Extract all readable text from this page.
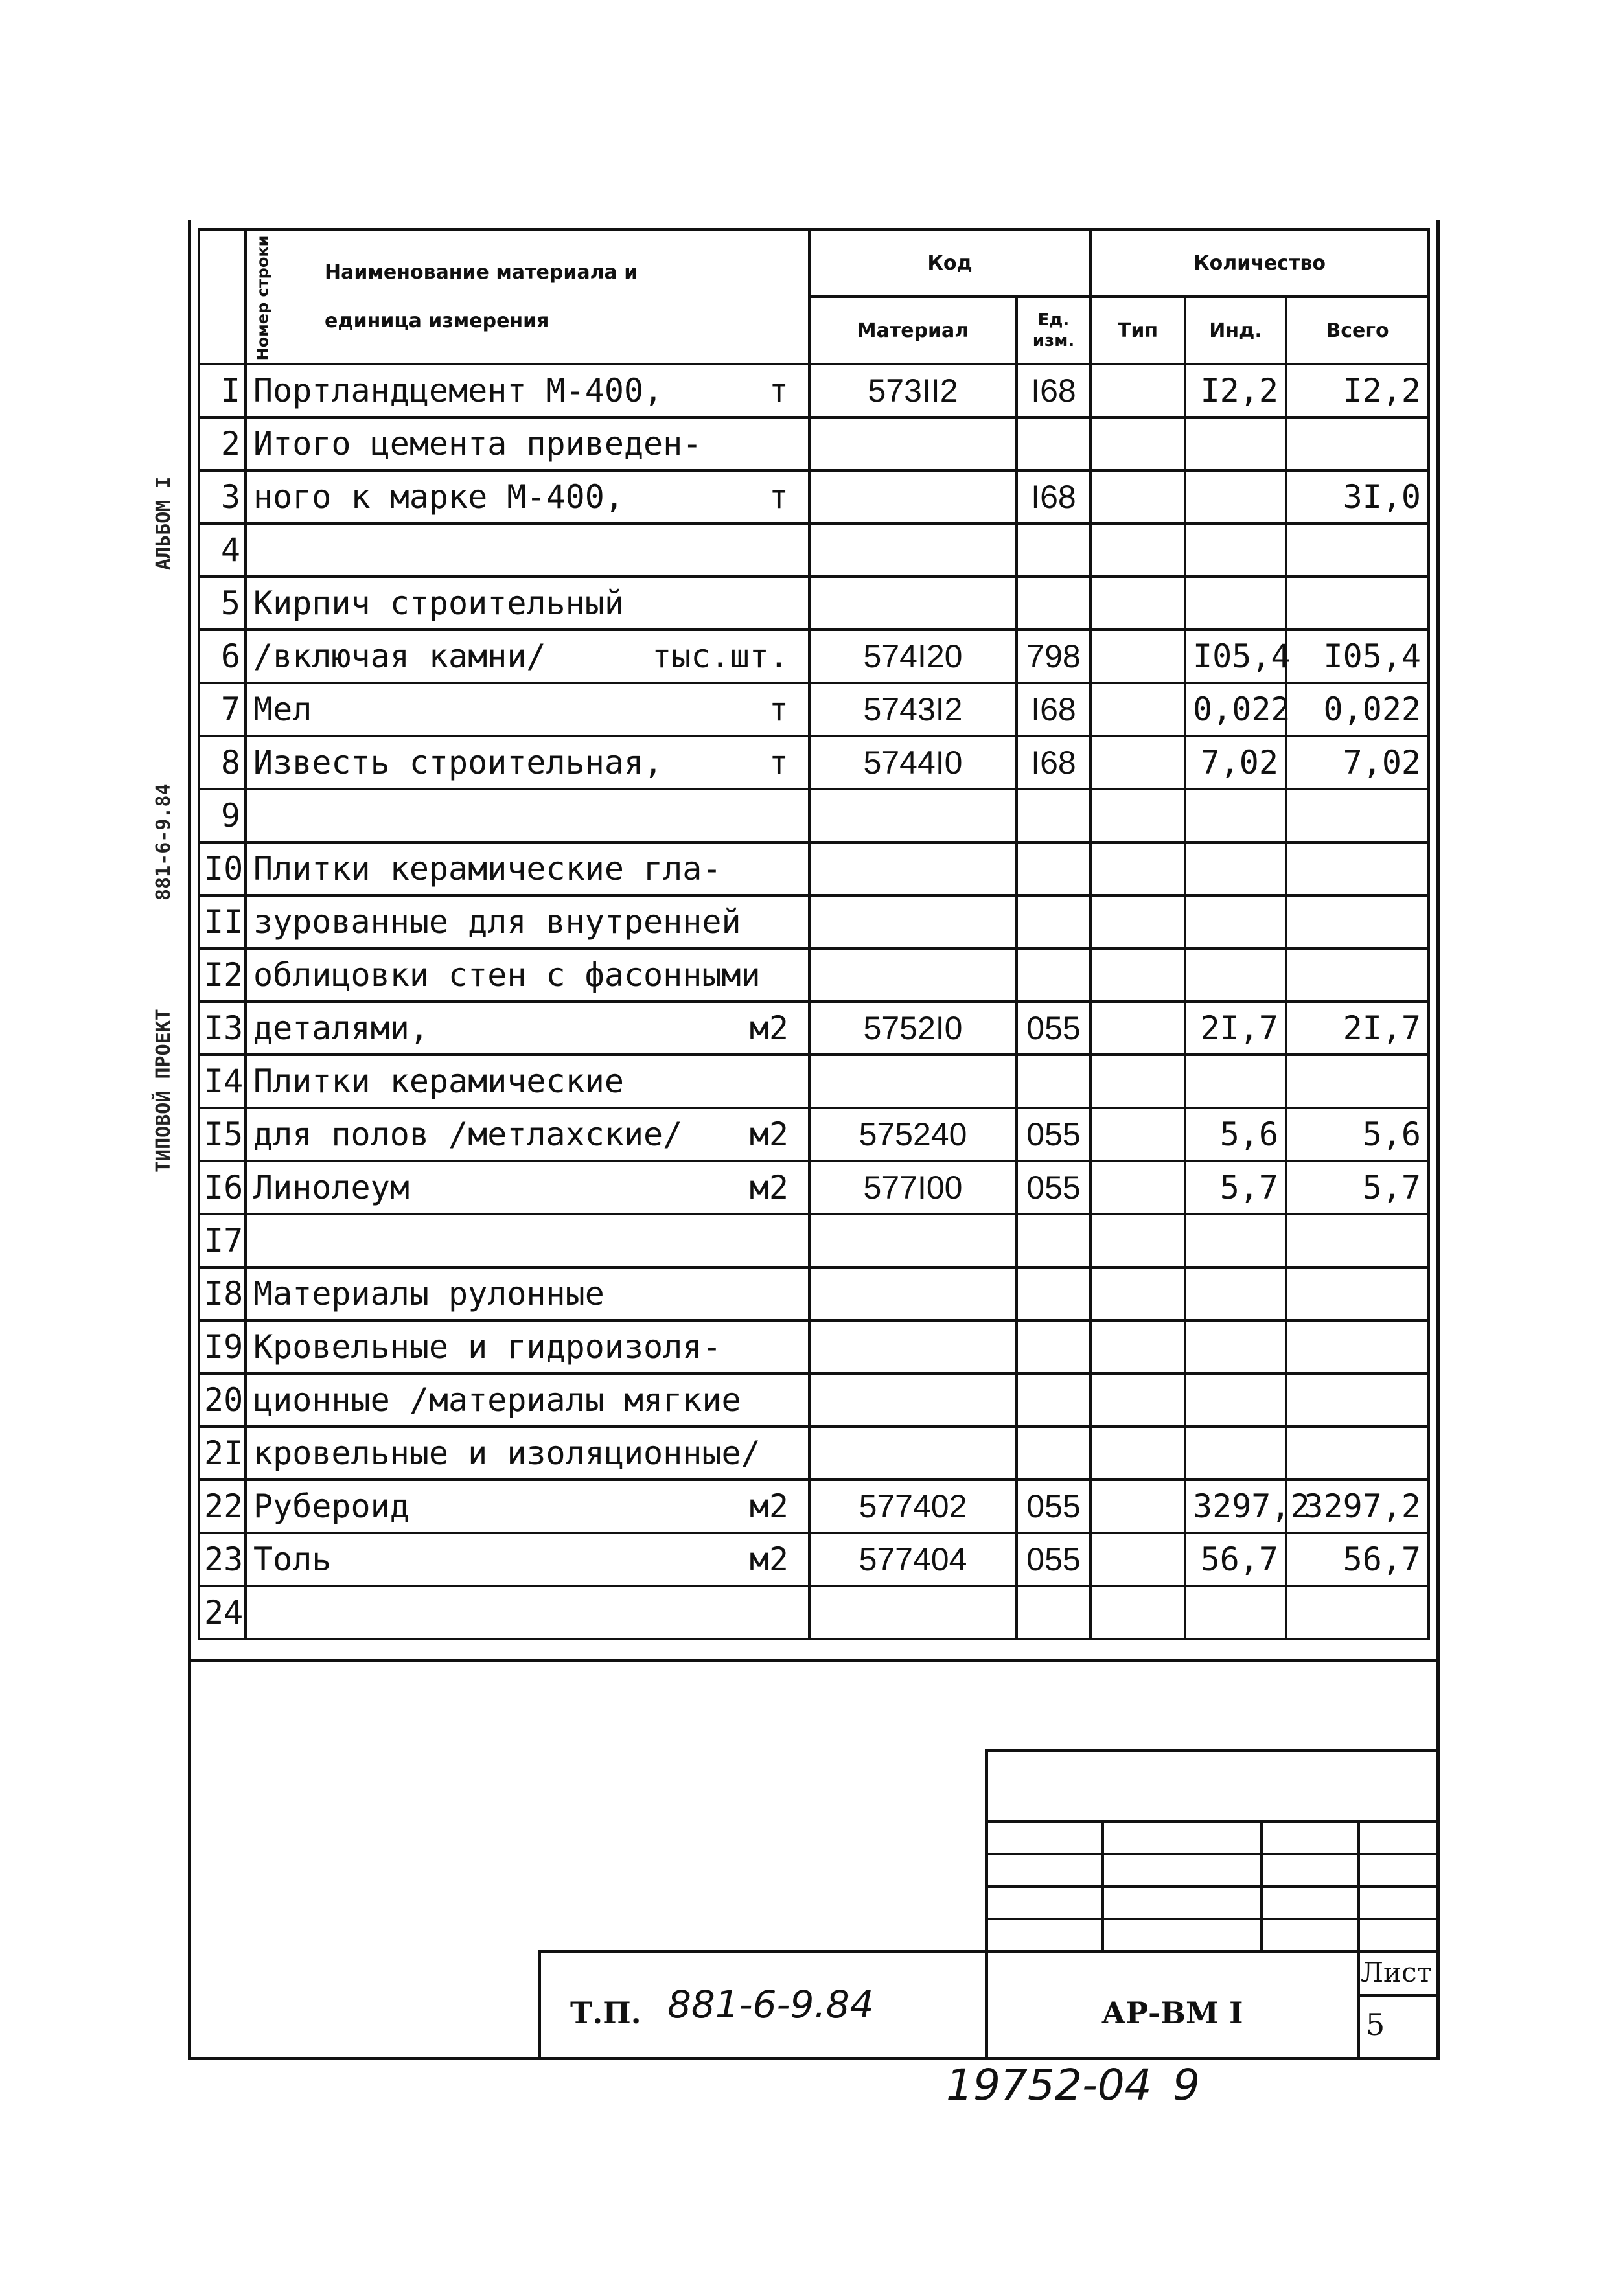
АЛЬБОМ I
881-6-9.84
ТИПОВОЙ ПРОЕКТ
Номер строки	Наименование материала и
единица измерения	Код		Количество		
		Материал	Ед. изм.	Тип	Инд.	Всего
I	Портландцемент М-400, т	573II2	I68		I2,2	I2,2
2	Итого цемента приведен-

3	ного к марке М-400, т		I68			3I,0
4	

5	Кирпич строительный

6	/включая камни/ тыс.шт.	574I20	798		I05,4	I05,4
7	Мел т	5743I2	I68		0,022	0,022
8	Известь строительная, т	5744I0	I68		7,02	7,02
9	

I0	Плитки керамические гла-

II	зурованные для внутренней

I2	облицовки стен с фасонными

I3	деталями, м2	5752I0	055		2I,7	2I,7
I4	Плитки керамические

I5	для полов /метлахские/ м2	575240	055		5,6	5,6
I6	Линолеум м2	577I00	055		5,7	5,7
I7	

I8	Материалы рулонные

I9	Кровельные и гидроизоля-

20	ционные /материалы мягкие

2I	кровельные и изоляционные/

22	Рубероид м2	577402	055		3297,2	3297,2
23	Толь м2	577404	055		56,7	56,7
24	

Т.П. 881-6-9.84	АР-ВМ I
Лист
5
19752-04 9
